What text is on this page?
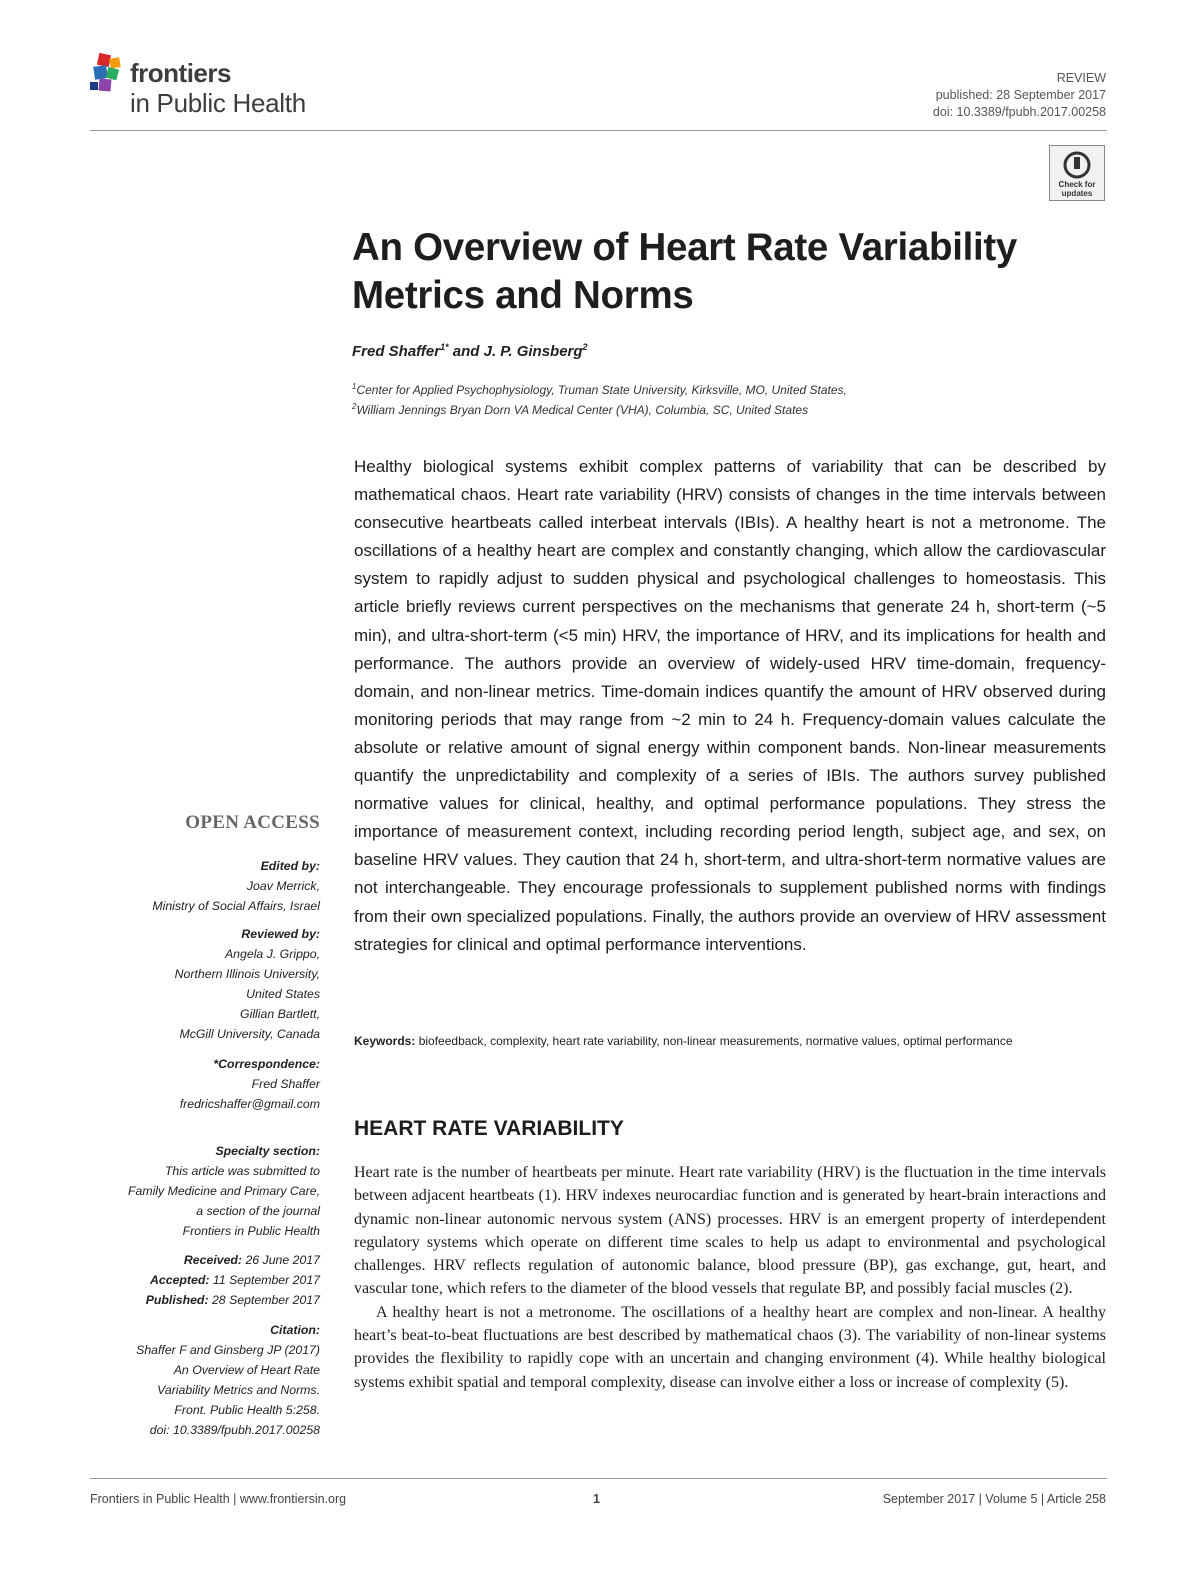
frontiers
in Public Health
REVIEW
published: 28 September 2017
doi: 10.3389/fpubh.2017.00258
Check for updates
An Overview of Heart Rate Variability Metrics and Norms
Fred Shaffer$^{1*}$ and J. P. Ginsberg$^2$
$^1$Center for Applied Psychophysiology, Truman State University, Kirksville, MO, United States,
$^2$William Jennings Bryan Dorn VA Medical Center (VHA), Columbia, SC, United States
Healthy biological systems exhibit complex patterns of variability that can be described by mathematical chaos. Heart rate variability (HRV) consists of changes in the time intervals between consecutive heartbeats called interbeat intervals (IBIs). A healthy heart is not a metronome. The oscillations of a healthy heart are complex and constantly changing, which allow the cardiovascular system to rapidly adjust to sudden physical and psychological challenges to homeostasis. This article briefly reviews current perspectives on the mechanisms that generate 24 h, short-term (~5 min), and ultra-short-term (<5 min) HRV, the importance of HRV, and its implications for health and performance. The authors provide an overview of widely-used HRV time-domain, frequency-domain, and non-linear metrics. Time-domain indices quantify the amount of HRV observed during monitoring periods that may range from ~2 min to 24 h. Frequency-domain values calculate the absolute or relative amount of signal energy within component bands. Non-linear measurements quantify the unpredictability and complexity of a series of IBIs. The authors survey published normative values for clinical, healthy, and optimal performance populations. They stress the importance of measurement context, including recording period length, subject age, and sex, on baseline HRV values. They caution that 24 h, short-term, and ultra-short-term normative values are not interchangeable. They encourage professionals to supplement published norms with findings from their own specialized populations. Finally, the authors provide an overview of HRV assessment strategies for clinical and optimal performance interventions.
Keywords: biofeedback, complexity, heart rate variability, non-linear measurements, normative values, optimal performance
HEART RATE VARIABILITY

Heart rate is the number of heartbeats per minute. Heart rate variability (HRV) is the fluctuation in the time intervals between adjacent heartbeats (1). HRV indexes neurocardiac function and is generated by heart-brain interactions and dynamic non-linear autonomic nervous system (ANS) processes. HRV is an emergent property of interdependent regulatory systems which operate on different time scales to help us adapt to environmental and psychological challenges. HRV reflects regulation of autonomic balance, blood pressure (BP), gas exchange, gut, heart, and vascular tone, which refers to the diameter of the blood vessels that regulate BP, and possibly facial muscles (2).

A healthy heart is not a metronome. The oscillations of a healthy heart are complex and non-linear. A healthy heart’s beat-to-beat fluctuations are best described by mathematical chaos (3). The variability of non-linear systems provides the flexibility to rapidly cope with an uncertain and changing environment (4). While healthy biological systems exhibit spatial and temporal complexity, disease can involve either a loss or increase of complexity (5).

OPEN ACCESS
Edited by:
Joav Merrick,
Ministry of Social Affairs, Israel
Reviewed by:
Angela J. Grippo,
Northern Illinois University,
United States
Gillian Bartlett,
McGill University, Canada
*Correspondence:
Fred Shaffer
fredricshaffer@gmail.com
Specialty section:
This article was submitted to
Family Medicine and Primary Care,
a section of the journal
Frontiers in Public Health
Received: 26 June 2017
Accepted: 11 September 2017
Published: 28 September 2017
Citation:
Shaffer F and Ginsberg JP (2017)
An Overview of Heart Rate
Variability Metrics and Norms.
Front. Public Health 5:258.
doi: 10.3389/fpubh.2017.00258
Frontiers in Public Health | www.frontiersin.org	1	September 2017 | Volume 5 | Article 258
